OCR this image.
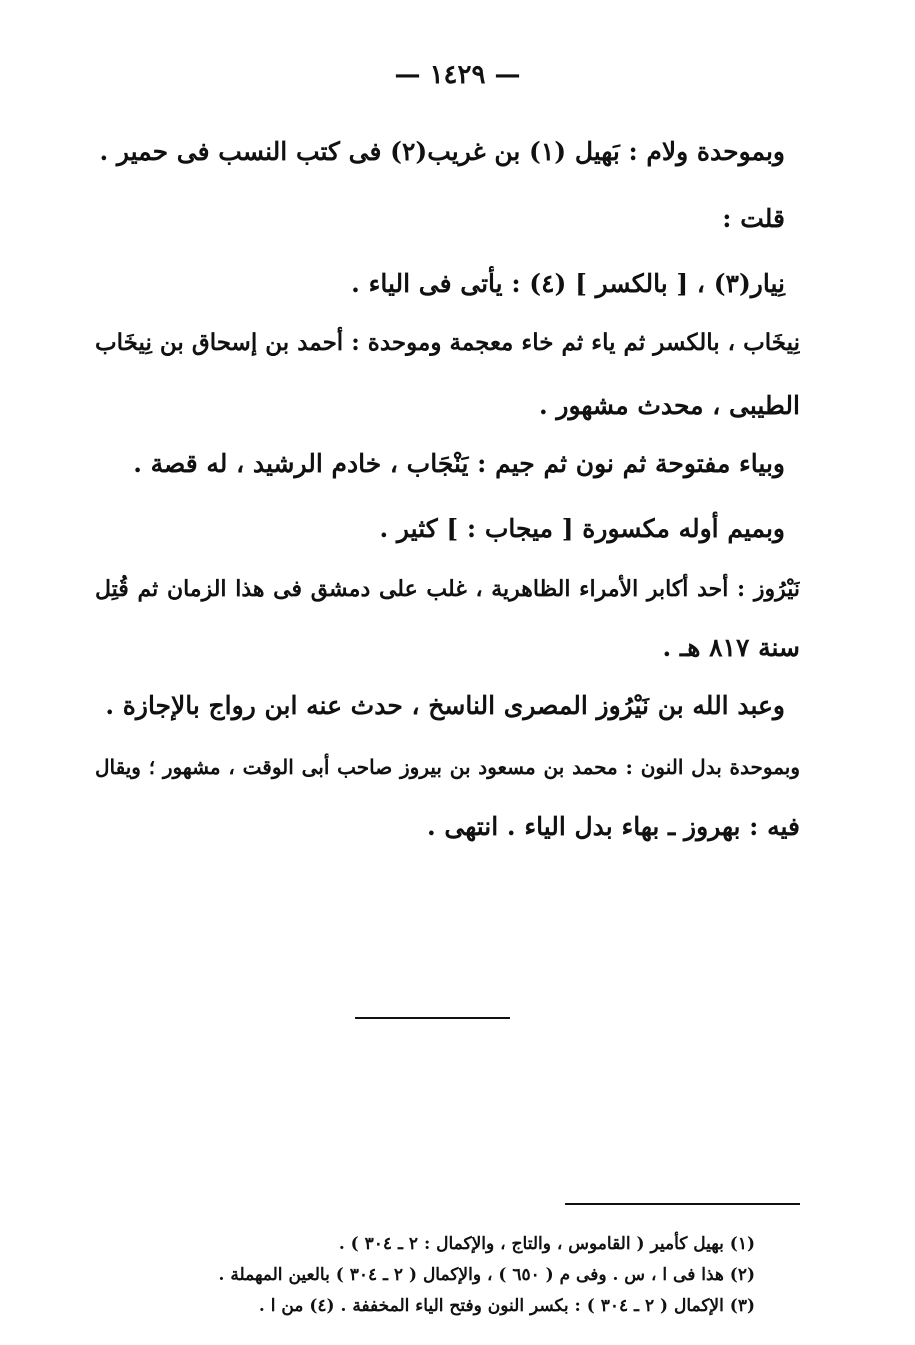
— ١٤٢٩ —
وبموحدة ولام : بَهيل (١) بن غريب(٢) فى كتب النسب فى حمير .
قلت :
نِيار(٣) ، [ بالكسر ] (٤) : يأتى فى الياء .
نِيخَاب ، بالكسر ثم ياء ثم خاء معجمة وموحدة : أحمد بن إسحاق بن نِيخَاب
الطيبى ، محدث مشهور .
وبياء مفتوحة ثم نون ثم جيم : يَنْجَاب ، خادم الرشيد ، له قصة .
وبميم أوله مكسورة [ ميجاب : ] كثير .
نَيْرُوز : أحد أكابر الأمراء الظاهرية ، غلب على دمشق فى هذا الزمان ثم قُتِل
سنة ٨١٧ هـ .
وعبد الله بن نَيْرُوز المصرى الناسخ ، حدث عنه ابن رواج بالإجازة .
وبموحدة بدل النون : محمد بن مسعود بن بيروز صاحب أبى الوقت ، مشهور ؛ ويقال
فيه : بهروز ـ بهاء بدل الياء . انتهى .
(١) بهيل كأمير ( القاموس ، والتاج ، والإكمال : ٢ ـ ٣٠٤ ) .
(٢) هذا فى ا ، س . وفى م ( ٦٥٠ ) ، والإكمال ( ٢ ـ ٣٠٤ ) بالعين المهملة .
(٣) الإكمال ( ٢ ـ ٣٠٤ ) : بكسر النون وفتح الياء المخففة . (٤) من ا .
